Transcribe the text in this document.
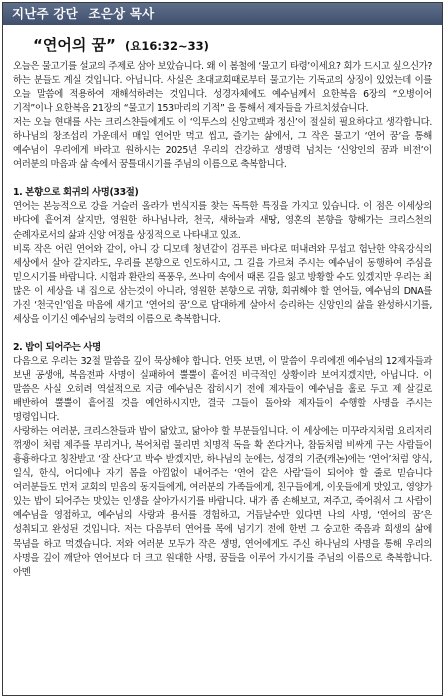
지난주 강단 조은상 목사
“연어의 꿈” (요16:32~33)

오늘은 물고기를 설교의 주제로 삼아 보았습니다. 왜 이 봄철에 ‘물고기 타령’이세요? 회가 드시고 싶으신가? 하는 분들도 계실 것입니다. 아닙니다. 사실은 초대교회때로부터 물고기는 기독교의 상징이 있었는데 이를 오늘 말씀에 적용하여 재해석하려는 것입니다. 성경자체에도 예수님께서 요한복음 6장의 “오병이어 기적”이나 요한복음 21장의 “물고기 153마리의 기적” 을 통해서 제자들을 가르치셨습니다.

저는 오늘 현대를 사는 크리스챤들에게도 이 ‘익투스의 신앙고백과 정신’이 절실히 필요하다고 생각합니다. 하나님의 창조섭리 가운데서 매일 연어만 먹고 씹고, 즐기는 삶에서, 그 작은 물고기 ‘연어 꿈’을 통해 예수님이 우리에게 바라고 원하시는 2025년 우리의 건강하고 생명력 넘치는 ‘신앙인의 꿈과 비전’이 여러분의 마음과 삶 속에서 꿈틀대시기를 주님의 이름으로 축복합니다.

1. 본향으로 회귀의 사명(33절)

연어는 본능적으로 강을 거슬러 올라가 번식지를 찾는 독특한 특징을 가지고 있습니다. 이 점은 이세상의 바다에 흩어져 살지만, 영원한 하나님나라, 천국, 새하늘과 새땅, 영혼의 본향을 향해가는 크리스천의 순례자로서의 삶과 신앙 여정을 상징적으로 나타내고 있죠.

비록 작은 어린 연어와 같이, 아니 강 디모데 청년같이 검푸른 바다로 떠내려와 무섭고 험난한 약육강식의 세상에서 살아 갈지라도, 우리를 본향으로 인도하시고, 그 길을 가르쳐 주시는 예수님이 동행하여 주심을 믿으시기를 바랍니다. 시험과 환란의 폭풍우, 쓰나미 속에서 때론 길을 잃고 방황할 수도 있겠지만 우리는 최 많은 이 세상을 내 집으로 삼는것이 아니라, 영원한 본향으로 귀향, 회귀해야 할 연어들, 예수님의 DNA를 가진 ‘천국인’임을 마음에 새기고 ‘연어의 꿈’으로 담대하게 살아서 승리하는 신앙인의 삶을 완성하시기를, 세상을 이기신 예수님의 능력의 이름으로 축복합니다.

2. 밥이 되어주는 사명

다음으로 우리는 32절 말씀을 깊이 묵상해야 합니다. 언뜻 보면, 이 말씀이 우리에겐 예수님의 12제자들과 보낸 공생애, 복음전파 사명이 실패하여 뿔뿔이 흩어진 비극적인 상황이라 보여지겠지만, 아닙니다. 이 말씀은 사실 오히려 역설적으로 지금 예수님은 잡히시기 전에 제자들이 예수님을 홀로 두고 제 살길로 배반하여 뿔뿔이 흩어질 것을 예언하시지만, 결국 그들이 돌아와 제자들이 수행할 사명을 주시는 명령입니다.

사랑하는 여러분, 크리스찬들과 밥이 닮았고, 닮아야 할 부분들입니다. 이 세상에는 미꾸라지처럼 요리저리 꺾쟁이 처럼 제주를 부리거나, 복어처럼 물리면 치명적 독을 확 쏜다거나, 참돔처럼 비싸게 구는 사람들이 흉흉하다고 칭찬받고 ‘잘 산다’고 박수 받겠지만, 하나님의 눈에는, 성경의 기준(캐논)에는 ‘연어’처럼 양식, 일식, 한식, 어디에나 자기 몸을 아낌없이 내어주는 ‘연어 같은 사람’들이 되어야 할 줄로 믿습니다 여러분들도 먼저 교회의 믿음의 동지들에게, 여러분의 가족들에게, 친구들에게, 이웃들에게 맛있고, 영양가 있는 밥이 되어주는 맛있는 인생을 살아가시기를 바랍니다. 내가 좀 손해보고, 져주고, 죽어줘서 그 사람이 예수님을 영접하고, 예수님의 사랑과 용서를 경험하고, 거듭날수만 있다면 나의 사명, ‘연어의 꿈’은 성취되고 완성된 것입니다. 저는 다음부터 연어를 목에 넘기기 전에 한번 그 숭고한 죽음과 희생의 삶에 묵념을 하고 먹겠습니다. 저와 여러분 모두가 작은 생명, 연어에게도 주신 하나님의 사명을 통해 우리의 사명을 깊이 깨닫아 연어보다 더 크고 원대한 사명, 꿈들을 이루어 가시기를 주님의 이름으로 축복합니다. 아멘
